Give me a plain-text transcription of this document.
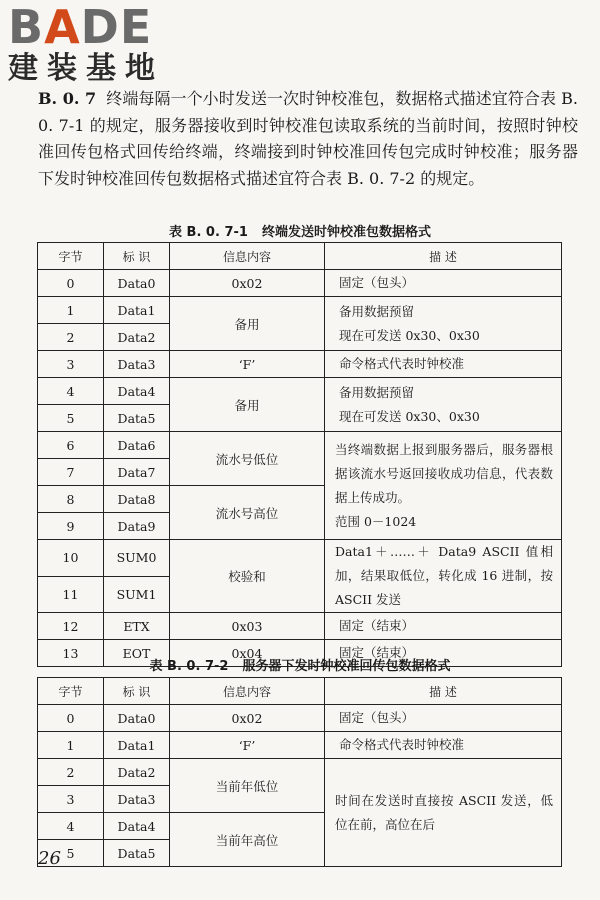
BADE
建装基地

B. 0. 7 终端每隔一个小时发送一次时钟校准包，数据格式描述宜符合表 B. 0. 7-1 的规定，服务器接收到时钟校准包读取系统的当前时间，按照时钟校准回传包格式回传给终端，终端接到时钟校准回传包完成时钟校准；服务器下发时钟校准回传包数据格式描述宜符合表 B. 0. 7-2 的规定。

表 B. 0. 7-1 终端发送时钟校准包数据格式
字节	标 识	信息内容	描 述
0	Data0	0x02	固定（包头）
1	Data1	备用	备用数据预留
现在可发送 0x30、0x30

2	Data2		
3	Data3	‘F’	命令格式代表时钟校准
4	Data4	备用	备用数据预留
现在可发送 0x30、0x30

5	Data5		
6	Data6	流水号低位	当终端数据上报到服务器后，服务器根据该流水号返回接收成功信息，代表数据上传成功。
范围 0－1024

7	Data7		
8	Data8	流水号高位	
9	Data9		
10	SUM0	校验和	Data1＋……＋ Data9 ASCII 值相加，结果取低位，转化成 16 进制，按 ASCII 发送
11	SUM1		
12	ETX	0x03	固定（结束）
13	EOT	0x04	固定（结束）
表 B. 0. 7-2 服务器下发时钟校准回传包数据格式
字节	标 识	信息内容	描 述
0	Data0	0x02	固定（包头）
1	Data1	‘F’	命令格式代表时钟校准
2	Data2	当前年低位	时间在发送时直接按 ASCII 发送，低位在前，高位在后
3	Data3		
4	Data4	当前年高位	
5	Data5		
26
